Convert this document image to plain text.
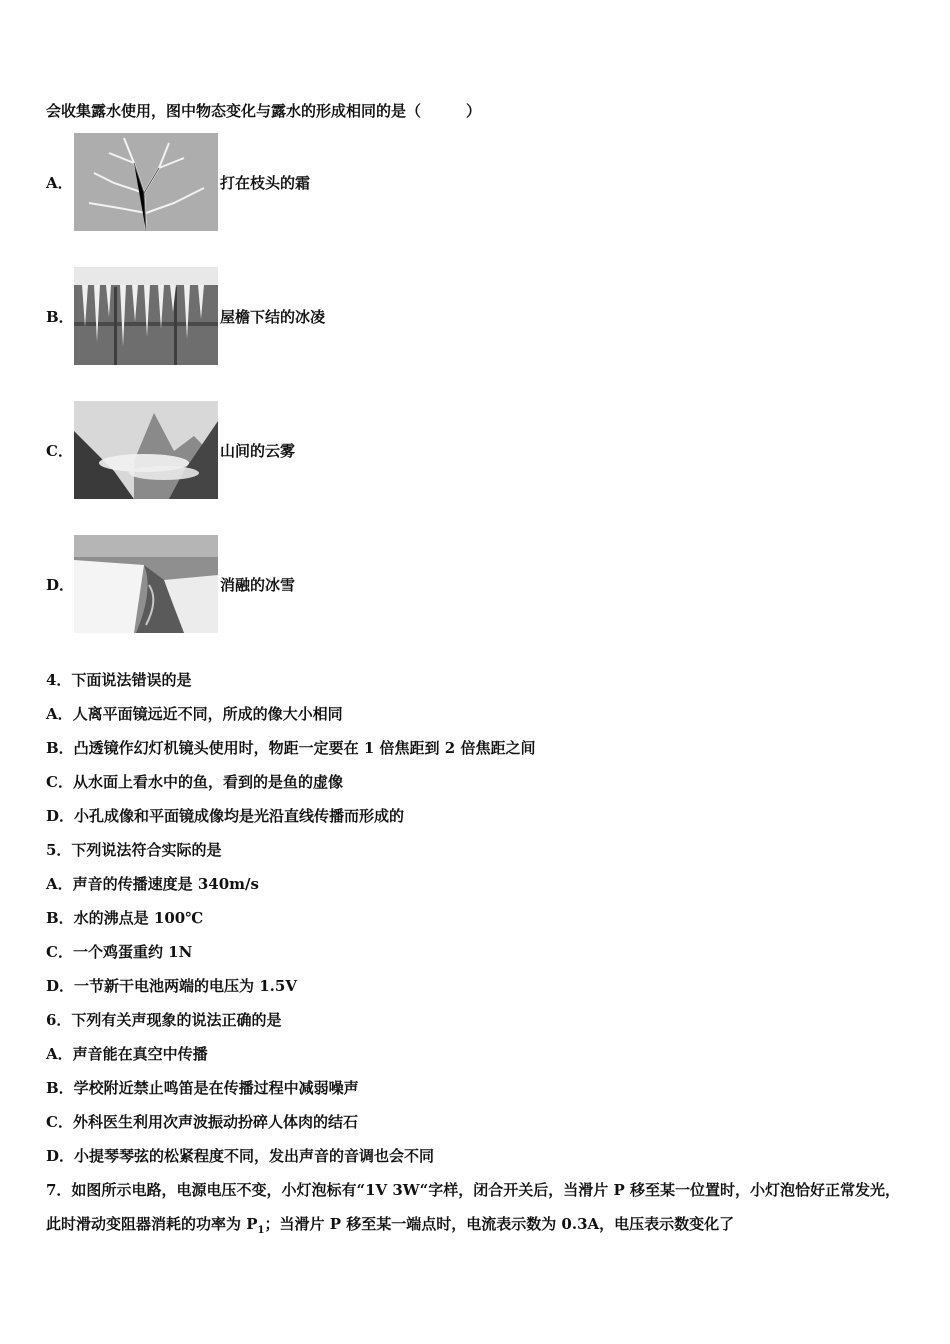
会收集露水使用，图中物态变化与露水的形成相同的是（　　　）
A．	打在枝头的霜
B．	屋檐下结的冰凌
C．	山间的云雾
D．	消融的冰雪
4．下面说法错误的是
A．人离平面镜远近不同，所成的像大小相同
B．凸透镜作幻灯机镜头使用时，物距一定要在 1 倍焦距到 2 倍焦距之间
C．从水面上看水中的鱼，看到的是鱼的虚像
D．小孔成像和平面镜成像均是光沿直线传播而形成的
5．下列说法符合实际的是
A．声音的传播速度是 340m/s
B．水的沸点是 100℃
C．一个鸡蛋重约 1N
D．一节新干电池两端的电压为 1.5V
6．下列有关声现象的说法正确的是
A．声音能在真空中传播
B．学校附近禁止鸣笛是在传播过程中减弱噪声
C．外科医生利用次声波振动扮碎人体肉的结石
D．小提琴琴弦的松紧程度不同，发出声音的音调也会不同
7．如图所示电路，电源电压不变，小灯泡标有“1V 3W“字样，闭合开关后，当滑片 P 移至某一位置时，小灯泡恰好正常发光，此时滑动变阻器消耗的功率为 $P_1$；当滑片 P 移至某一端点时，电流表示数为 0.3A，电压表示数变化了
